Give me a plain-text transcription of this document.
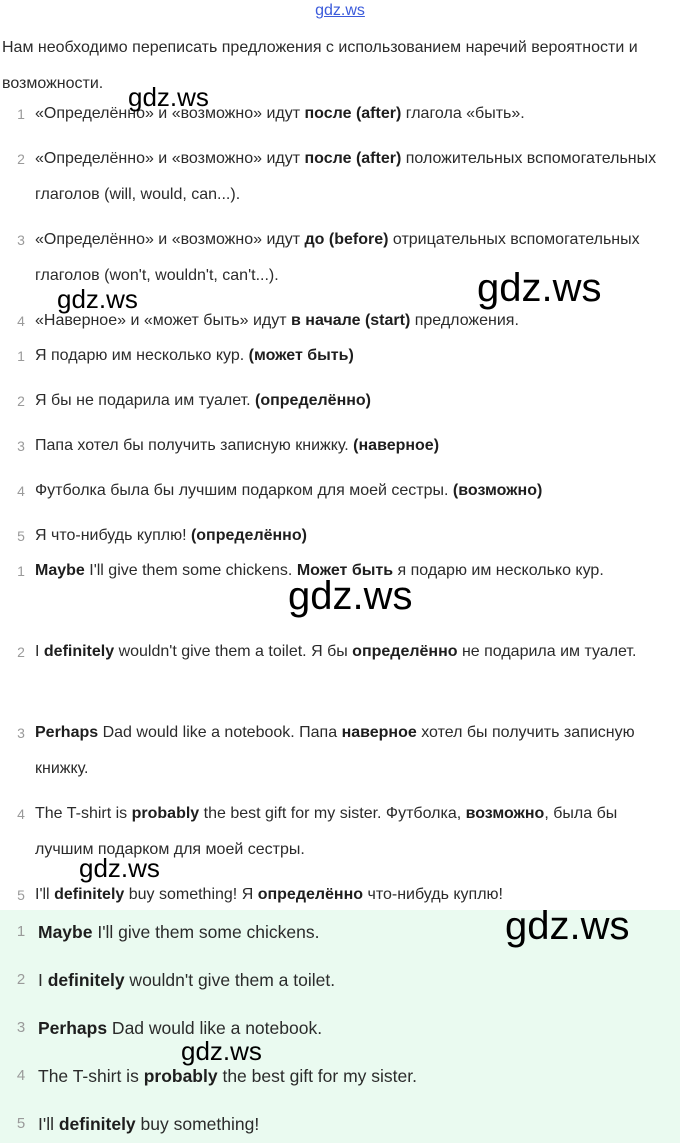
gdz.ws
Нам необходимо переписать предложения с использованием наречий вероятности и возможности.
1 «Определённо» и «возможно» идут после (after) глагола «быть».
2 «Определённо» и «возможно» идут после (after) положительных вспомогательных глаголов (will, would, can...).
3 «Определённо» и «возможно» идут до (before) отрицательных вспомогательных глаголов (won't, wouldn't, can't...).
4 «Наверное» и «может быть» идут в начале (start) предложения.
1 Я подарю им несколько кур. (может быть)
2 Я бы не подарила им туалет. (определённо)
3 Папа хотел бы получить записную книжку. (наверное)
4 Футболка была бы лучшим подарком для моей сестры. (возможно)
5 Я что-нибудь куплю! (определённо)
1 Maybe I'll give them some chickens. Может быть я подарю им несколько кур.
2 I definitely wouldn't give them a toilet. Я бы определённо не подарила им туалет.
3 Perhaps Dad would like a notebook. Папа наверное хотел бы получить записную книжку.
4 The T-shirt is probably the best gift for my sister. Футболка, возможно, была бы лучшим подарком для моей сестры.
5 I'll definitely buy something! Я определённо что-нибудь куплю!
1 Maybe I'll give them some chickens.
2 I definitely wouldn't give them a toilet.
3 Perhaps Dad would like a notebook.
4 The T-shirt is probably the best gift for my sister.
5 I'll definitely buy something!
gdz.ws
gdz.ws
gdz.ws
gdz.ws
gdz.ws
gdz.ws
gdz.ws
